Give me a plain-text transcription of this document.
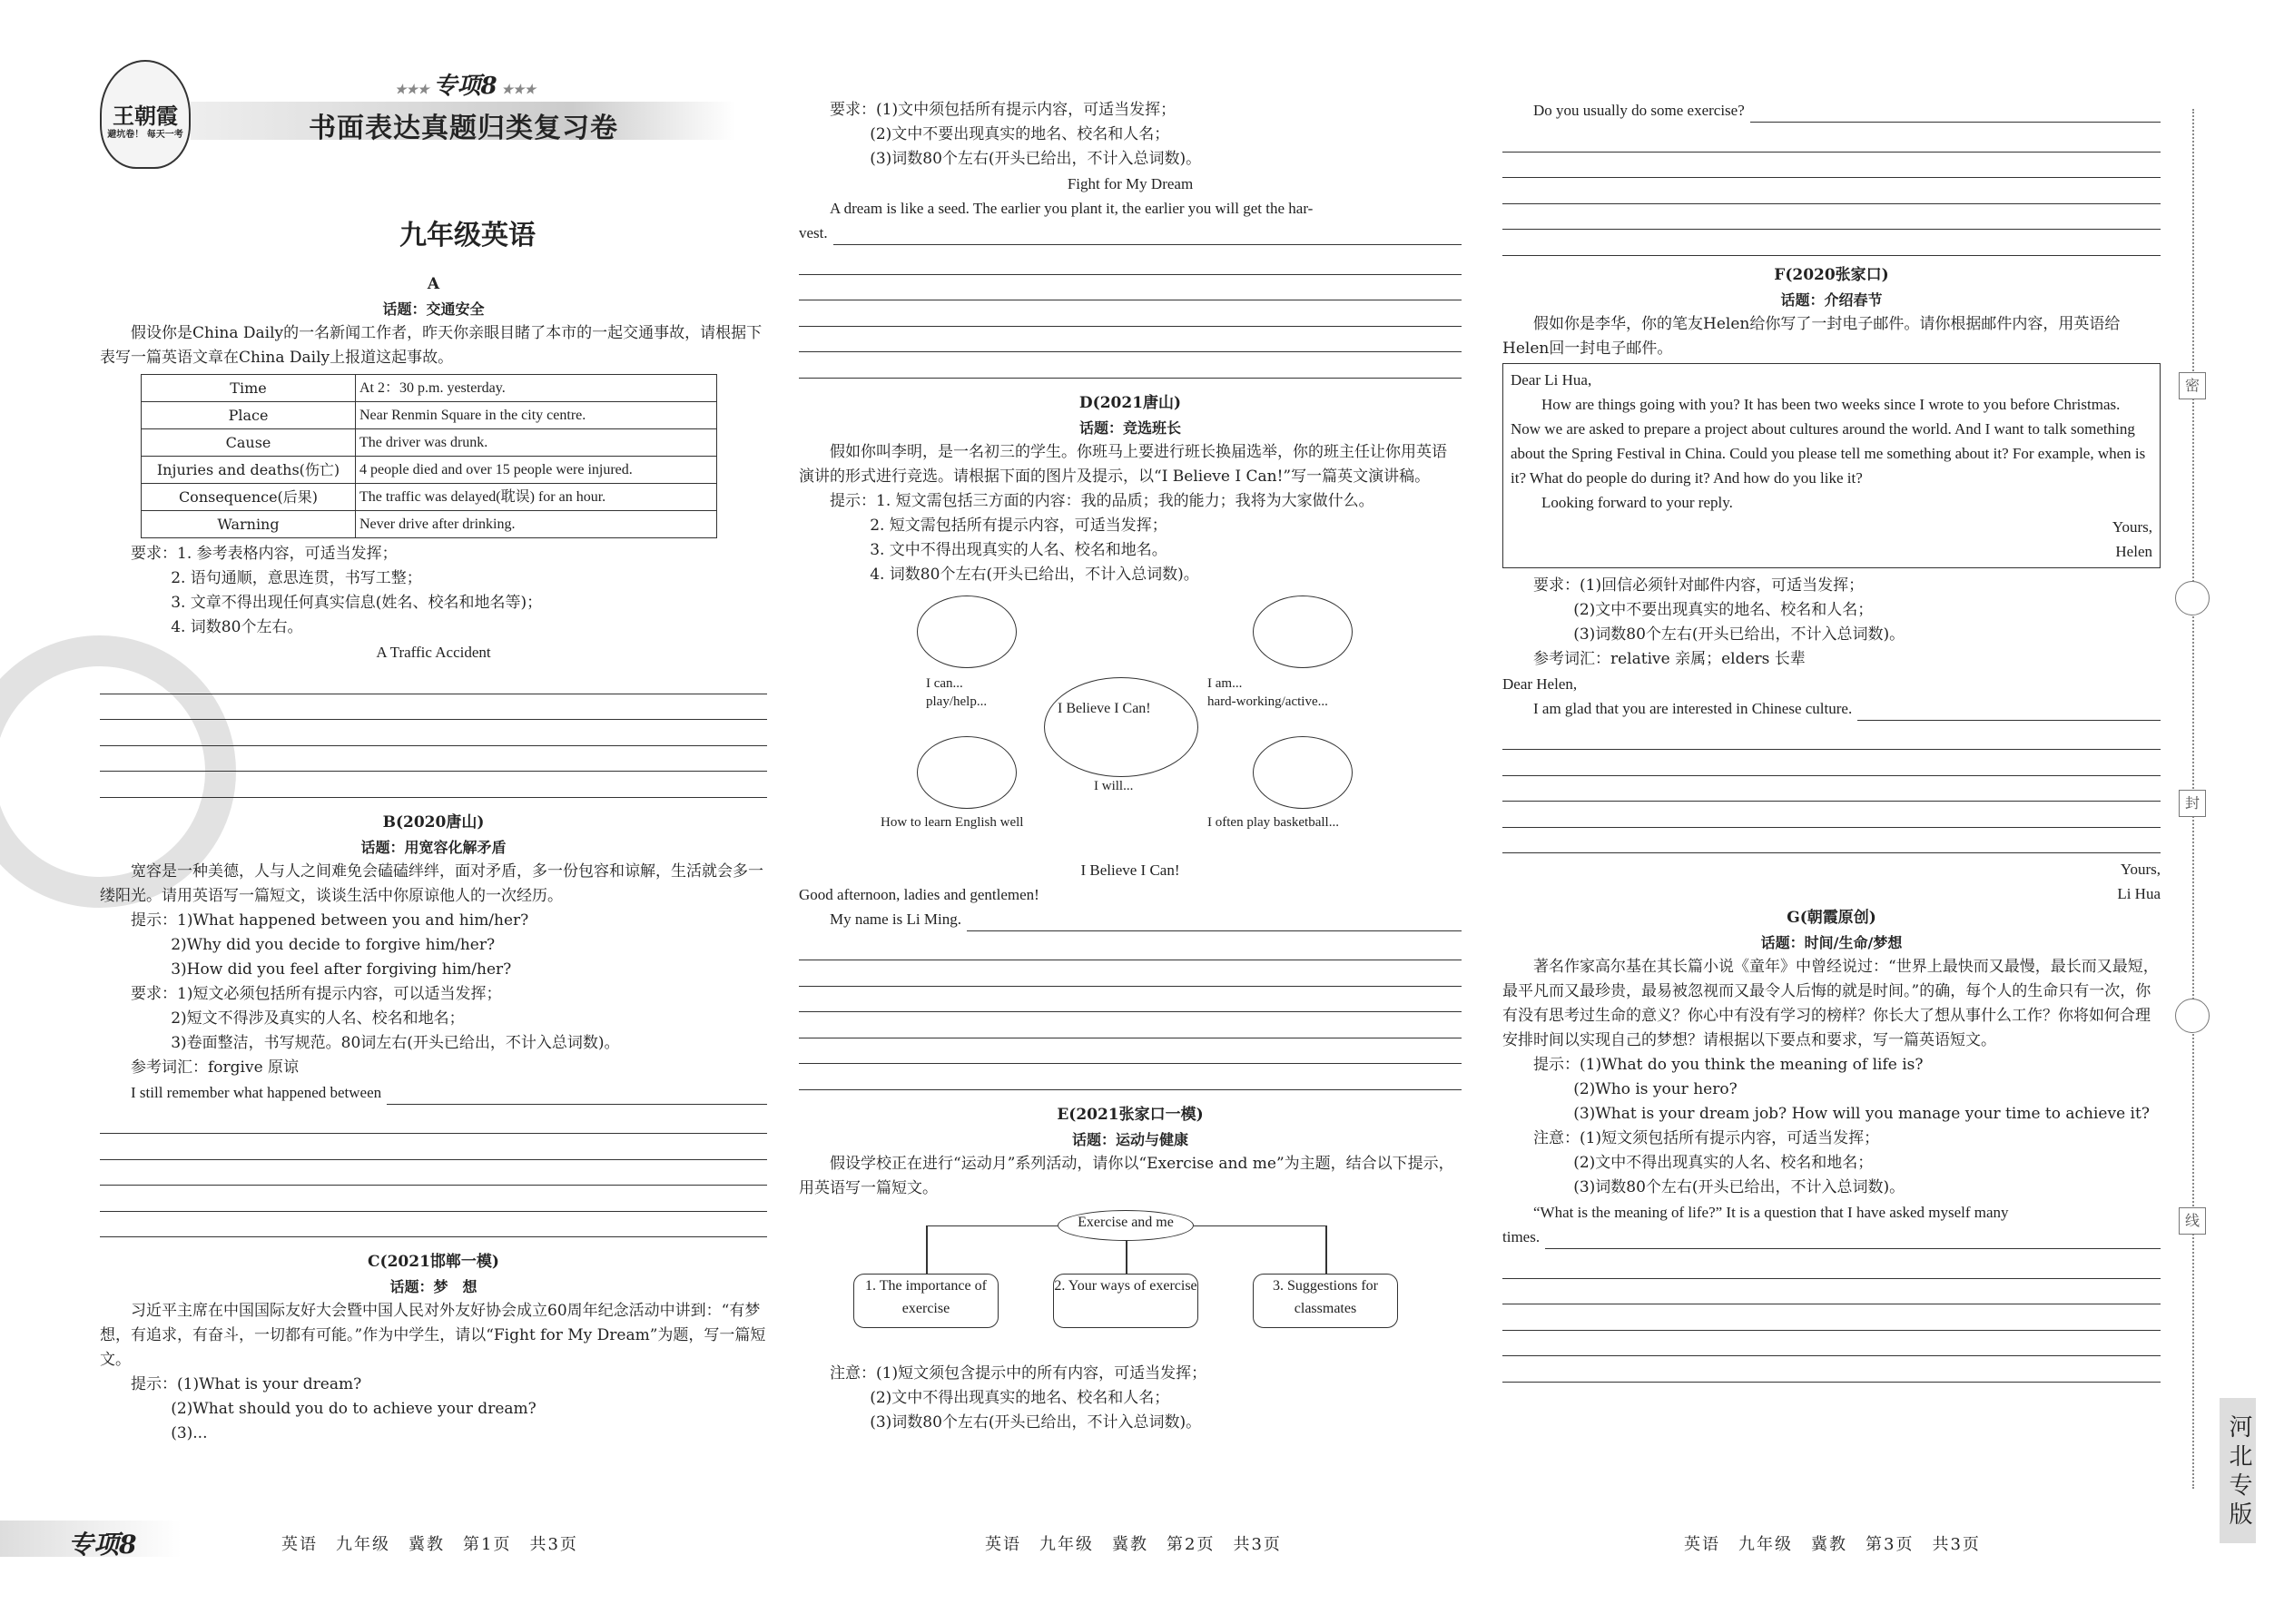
王朝霞
避坑卷！ 每天一考
★★★ 专项8 ★★★
书面表达真题归类复习卷
九年级英语
A
话题：交通安全
假设你是China Daily的一名新闻工作者，昨天你亲眼目睹了本市的一起交通事故，请根据下表写一篇英语文章在China Daily上报道这起事故。
Time	At 2：30 p.m. yesterday.
Place	Near Renmin Square in the city centre.
Cause	The driver was drunk.
Injuries and deaths(伤亡)	4 people died and over 15 people were injured.
Consequence(后果)	The traffic was delayed(耽误) for an hour.
Warning	Never drive after drinking.
要求：1. 参考表格内容，可适当发挥；
2. 语句通顺，意思连贯，书写工整；
3. 文章不得出现任何真实信息(姓名、校名和地名等)；
4. 词数80个左右。
A Traffic Accident
B(2020唐山)
话题：用宽容化解矛盾
宽容是一种美德，人与人之间难免会磕磕绊绊，面对矛盾，多一份包容和谅解，生活就会多一缕阳光。请用英语写一篇短文，谈谈生活中你原谅他人的一次经历。
提示：1)What happened between you and him/her?
2)Why did you decide to forgive him/her?
3)How did you feel after forgiving him/her?
要求：1)短文必须包括所有提示内容，可以适当发挥；
2)短文不得涉及真实的人名、校名和地名；
3)卷面整洁，书写规范。80词左右(开头已给出，不计入总词数)。
参考词汇：forgive 原谅
I still remember what happened between
C(2021邯郸一模)
话题：梦　想
习近平主席在中国国际友好大会暨中国人民对外友好协会成立60周年纪念活动中讲到：“有梦想，有追求，有奋斗，一切都有可能。”作为中学生，请以“Fight for My Dream”为题，写一篇短文。
提示：(1)What is your dream?
(2)What should you do to achieve your dream?
(3)...
要求：(1)文中须包括所有提示内容，可适当发挥；
(2)文中不要出现真实的地名、校名和人名；
(3)词数80个左右(开头已给出，不计入总词数)。
Fight for My Dream
A dream is like a seed. The earlier you plant it, the earlier you will get the har-
vest.
D(2021唐山)
话题：竞选班长
假如你叫李明，是一名初三的学生。你班马上要进行班长换届选举，你的班主任让你用英语演讲的形式进行竞选。请根据下面的图片及提示，以“I Believe I Can!”写一篇英文演讲稿。
提示：1. 短文需包括三方面的内容：我的品质；我的能力；我将为大家做什么。
2. 短文需包括所有提示内容，可适当发挥；
3. 文中不得出现真实的人名、校名和地名。
4. 词数80个左右(开头已给出，不计入总词数)。
I can...
play/help...
I am...
hard-working/active...
I Believe I Can!
I will...
How to learn English well	I often play basketball...
I Believe I Can!
Good afternoon, ladies and gentlemen!
My name is Li Ming.
E(2021张家口一模)
话题：运动与健康
假设学校正在进行“运动月”系列活动，请你以“Exercise and me”为主题，结合以下提示，用英语写一篇短文。
Exercise and me
1. The importance of exercise
2. Your ways of exercise	3. Suggestions for classmates
注意：(1)短文须包含提示中的所有内容，可适当发挥；
(2)文中不得出现真实的地名、校名和人名；
(3)词数80个左右(开头已给出，不计入总词数)。
Do you usually do some exercise?
F(2020张家口)
话题：介绍春节
假如你是李华，你的笔友Helen给你写了一封电子邮件。请你根据邮件内容，用英语给Helen回一封电子邮件。
Dear Li Hua,
How are things going with you? It has been two weeks since I wrote to you before Christmas. Now we are asked to prepare a project about cultures around the world. And I want to talk something about the Spring Festival in China. Could you please tell me something about it? For example, when is it? What do people do during it? And how do you like it?
Looking forward to your reply.
Yours,
Helen
要求：(1)回信必须针对邮件内容，可适当发挥；
(2)文中不要出现真实的地名、校名和人名；
(3)词数80个左右(开头已给出，不计入总词数)。
参考词汇：relative 亲属；elders 长辈
Dear Helen,
I am glad that you are interested in Chinese culture.
Yours,
Li Hua
G(朝霞原创)
话题：时间/生命/梦想
著名作家高尔基在其长篇小说《童年》中曾经说过：“世界上最快而又最慢，最长而又最短，最平凡而又最珍贵，最易被忽视而又最令人后悔的就是时间。”的确，每个人的生命只有一次，你有没有思考过生命的意义？你心中有没有学习的榜样？你长大了想从事什么工作？你将如何合理安排时间以实现自己的梦想？请根据以下要点和要求，写一篇英语短文。
提示：(1)What do you think the meaning of life is?
(2)Who is your hero?
(3)What is your dream job? How will you manage your time to achieve it?
注意：(1)短文须包括所有提示内容，可适当发挥；
(2)文中不得出现真实的人名、校名和地名；
(3)词数80个左右(开头已给出，不计入总词数)。
“What is the meaning of life?” It is a question that I have asked myself many
times.
专项8	英语　九年级　冀教　第1页　共3页	英语　九年级　冀教　第2页　共3页	英语　九年级　冀教　第3页　共3页
密
封
线
河北专版
